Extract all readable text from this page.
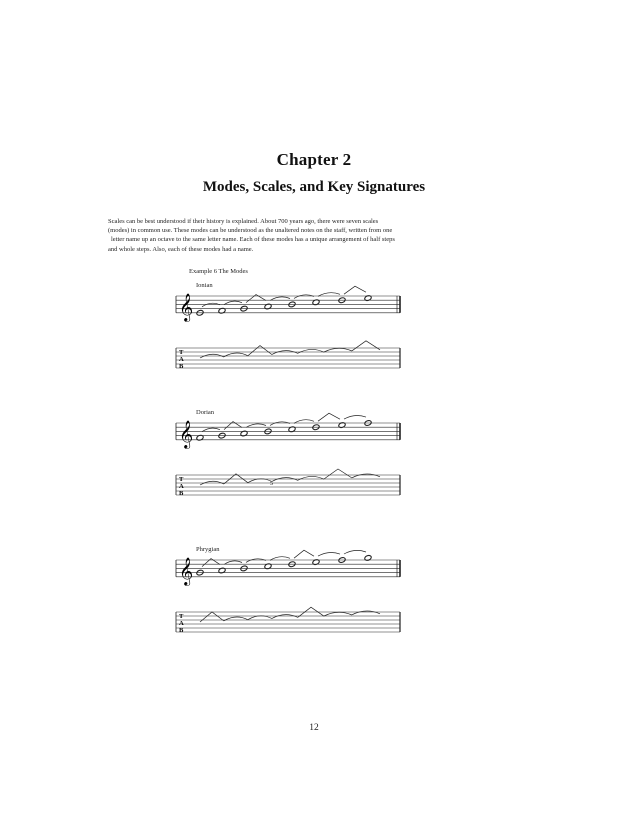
Chapter 2
Modes, Scales, and Key Signatures
Scales can be best understood if their history is explained. About 700 years ago, there were seven scales
(modes) in common use. These modes can be understood as the unaltered notes on the staff, written from one
letter name up an octave to the same letter name. Each of these modes has a unique arrangement of half steps
and whole steps. Also, each of these modes had a name.
Example 6 The Modes
Ionian
𝄞
T
A
B
Dorian
𝄞
T
A
B
5
Phrygian
𝄞
T
A
B
12
